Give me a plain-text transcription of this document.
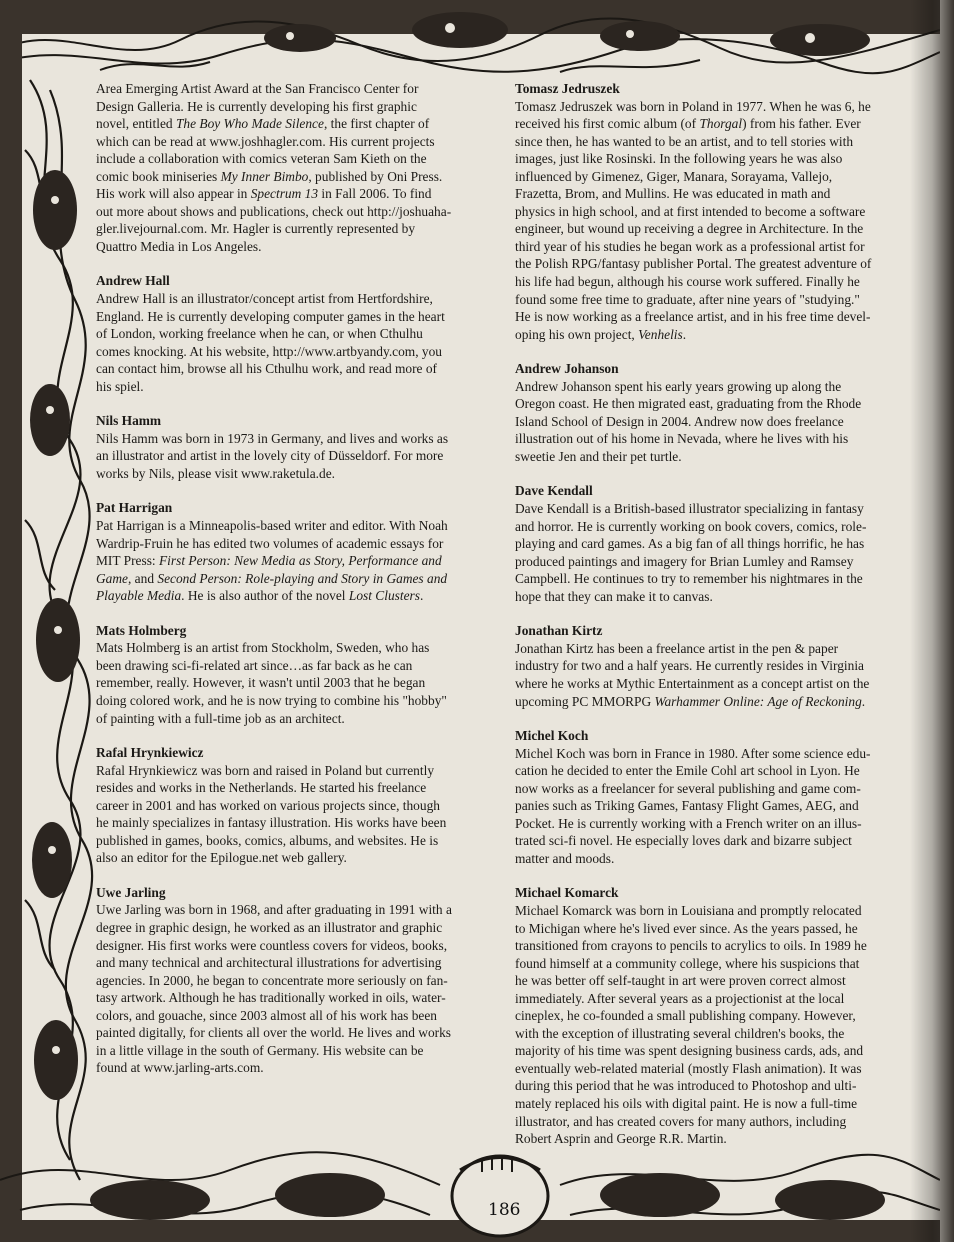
186
Area Emerging Artist Award at the San Francisco Center for
Design Galleria. He is currently developing his first graphic
novel, entitled The Boy Who Made Silence, the first chapter of
which can be read at www.joshhagler.com. His current projects
include a collaboration with comics veteran Sam Kieth on the
comic book miniseries My Inner Bimbo, published by Oni Press.
His work will also appear in Spectrum 13 in Fall 2006. To find
out more about shows and publications, check out http://joshuaha-
gler.livejournal.com. Mr. Hagler is currently represented by
Quattro Media in Los Angeles.
Andrew Hall
Andrew Hall is an illustrator/concept artist from Hertfordshire,
England. He is currently developing computer games in the heart
of London, working freelance when he can, or when Cthulhu
comes knocking. At his website, http://www.artbyandy.com, you
can contact him, browse all his Cthulhu work, and read more of
his spiel.
Nils Hamm
Nils Hamm was born in 1973 in Germany, and lives and works as
an illustrator and artist in the lovely city of Düsseldorf. For more
works by Nils, please visit www.raketula.de.
Pat Harrigan
Pat Harrigan is a Minneapolis-based writer and editor. With Noah
Wardrip-Fruin he has edited two volumes of academic essays for
MIT Press: First Person: New Media as Story, Performance and
Game, and Second Person: Role-playing and Story in Games and
Playable Media. He is also author of the novel Lost Clusters.
Mats Holmberg
Mats Holmberg is an artist from Stockholm, Sweden, who has
been drawing sci-fi-related art since…as far back as he can
remember, really. However, it wasn't until 2003 that he began
doing colored work, and he is now trying to combine his "hobby"
of painting with a full-time job as an architect.
Rafal Hrynkiewicz
Rafal Hrynkiewicz was born and raised in Poland but currently
resides and works in the Netherlands. He started his freelance
career in 2001 and has worked on various projects since, though
he mainly specializes in fantasy illustration. His works have been
published in games, books, comics, albums, and websites. He is
also an editor for the Epilogue.net web gallery.
Uwe Jarling
Uwe Jarling was born in 1968, and after graduating in 1991 with a
degree in graphic design, he worked as an illustrator and graphic
designer. His first works were countless covers for videos, books,
and many technical and architectural illustrations for advertising
agencies. In 2000, he began to concentrate more seriously on fan-
tasy artwork. Although he has traditionally worked in oils, water-
colors, and gouache, since 2003 almost all of his work has been
painted digitally, for clients all over the world. He lives and works
in a little village in the south of Germany. His website can be
found at www.jarling-arts.com.
Tomasz Jedruszek
Tomasz Jedruszek was born in Poland in 1977. When he was 6, he
received his first comic album (of Thorgal) from his father. Ever
since then, he has wanted to be an artist, and to tell stories with
images, just like Rosinski. In the following years he was also
influenced by Gimenez, Giger, Manara, Sorayama, Vallejo,
Frazetta, Brom, and Mullins. He was educated in math and
physics in high school, and at first intended to become a software
engineer, but wound up receiving a degree in Architecture. In the
third year of his studies he began work as a professional artist for
the Polish RPG/fantasy publisher Portal. The greatest adventure of
his life had begun, although his course work suffered. Finally he
found some free time to graduate, after nine years of "studying."
He is now working as a freelance artist, and in his free time devel-
oping his own project, Venhelis.
Andrew Johanson
Andrew Johanson spent his early years growing up along the
Oregon coast. He then migrated east, graduating from the Rhode
Island School of Design in 2004. Andrew now does freelance
illustration out of his home in Nevada, where he lives with his
sweetie Jen and their pet turtle.
Dave Kendall
Dave Kendall is a British-based illustrator specializing in fantasy
and horror. He is currently working on book covers, comics, role-
playing and card games. As a big fan of all things horrific, he has
produced paintings and imagery for Brian Lumley and Ramsey
Campbell. He continues to try to remember his nightmares in the
hope that they can make it to canvas.
Jonathan Kirtz
Jonathan Kirtz has been a freelance artist in the pen & paper
industry for two and a half years. He currently resides in Virginia
where he works at Mythic Entertainment as a concept artist on the
upcoming PC MMORPG Warhammer Online: Age of Reckoning.
Michel Koch
Michel Koch was born in France in 1980. After some science edu-
cation he decided to enter the Emile Cohl art school in Lyon. He
now works as a freelancer for several publishing and game com-
panies such as Triking Games, Fantasy Flight Games, AEG, and
Pocket. He is currently working with a French writer on an illus-
trated sci-fi novel. He especially loves dark and bizarre subject
matter and moods.
Michael Komarck
Michael Komarck was born in Louisiana and promptly relocated
to Michigan where he's lived ever since. As the years passed, he
transitioned from crayons to pencils to acrylics to oils. In 1989 he
found himself at a community college, where his suspicions that
he was better off self-taught in art were proven correct almost
immediately. After several years as a projectionist at the local
cineplex, he co-founded a small publishing company. However,
with the exception of illustrating several children's books, the
majority of his time was spent designing business cards, ads, and
eventually web-related material (mostly Flash animation). It was
during this period that he was introduced to Photoshop and ulti-
mately replaced his oils with digital paint. He is now a full-time
illustrator, and has created covers for many authors, including
Robert Asprin and George R.R. Martin.
